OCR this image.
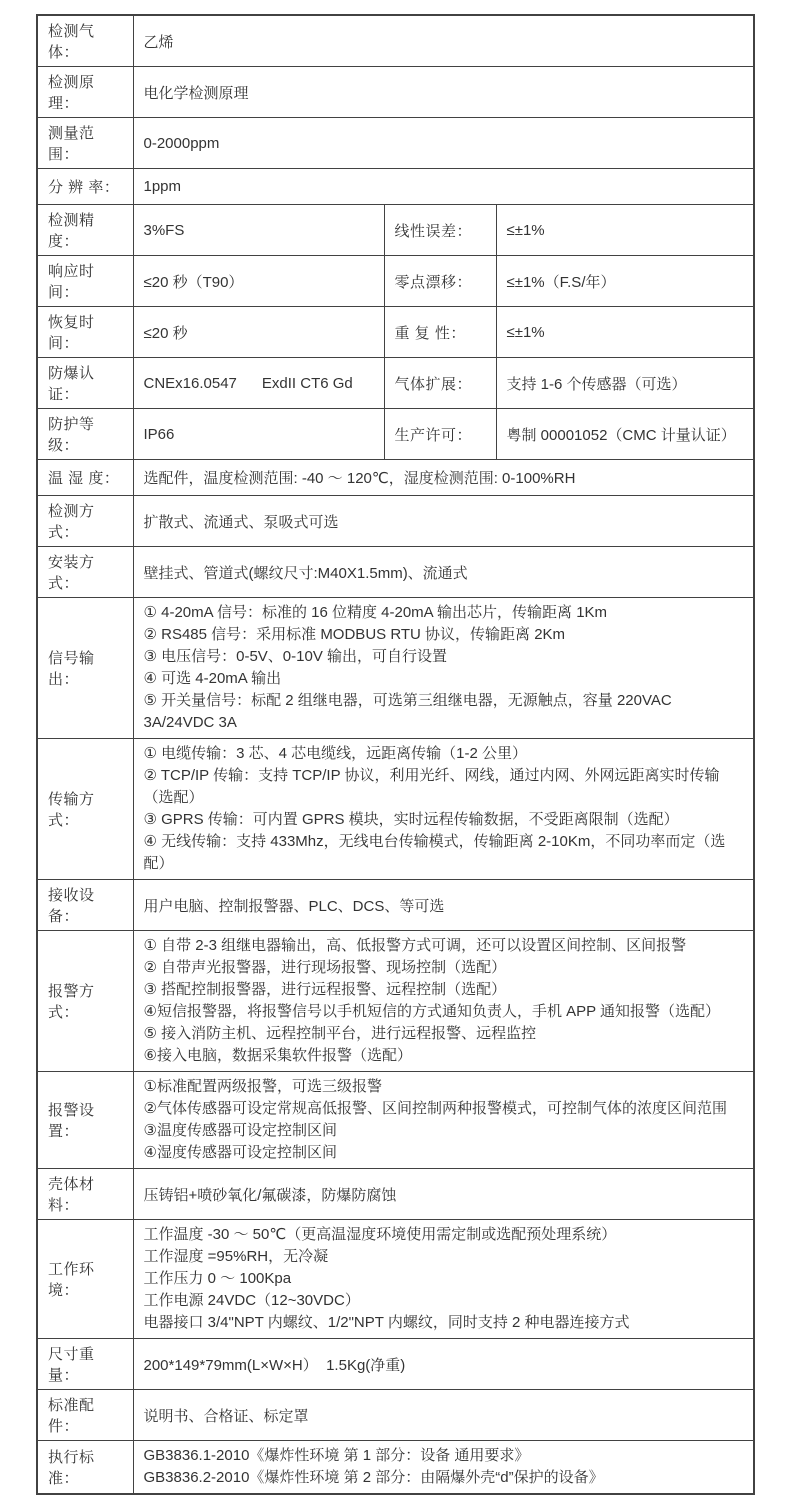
检测气体：	乙烯		
检测原理：	电化学检测原理		
测量范围：	0-2000ppm		
分 辨 率：	1ppm		
检测精度：	3%FS	线性误差：	≤±1%
响应时间：	≤20 秒（T90）	零点漂移：	≤±1%（F.S/年）
恢复时间：	≤20 秒	重 复 性：	≤±1%
防爆认证：	CNEx16.0547      ExdII CT6 Gd	气体扩展：	支持 1-6 个传感器（可选）
防护等级：	IP66	生产许可：	粤制 00001052（CMC 计量认证）
温 湿 度：	选配件，温度检测范围: -40 ～ 120℃，湿度检测范围: 0-100%RH		
检测方式：	扩散式、流通式、泵吸式可选		
安装方式：	壁挂式、管道式(螺纹尺寸:M40X1.5mm)、流通式		
信号输出：	① 4-20mA 信号：标准的 16 位精度 4-20mA 输出芯片，传输距离 1Km
② RS485 信号：采用标准 MODBUS RTU 协议，传输距离 2Km
③ 电压信号：0-5V、0-10V 输出，可自行设置
④ 可选 4-20mA 输出
⑤ 开关量信号：标配 2 组继电器，可选第三组继电器，无源触点，容量 220VAC 3A/24VDC 3A		

传输方式：	① 电缆传输：3 芯、4 芯电缆线，远距离传输（1-2 公里）
② TCP/IP 传输：支持 TCP/IP 协议，利用光纤、网线，通过内网、外网远距离实时传输（选配）
③ GPRS 传输：可内置 GPRS 模块，实时远程传输数据，不受距离限制（选配）
④ 无线传输：支持 433Mhz，无线电台传输模式，传输距离 2-10Km，不同功率而定（选配）		

接收设备：	用户电脑、控制报警器、PLC、DCS、等可选		
报警方式：	
① 自带 2-3 组继电器输出，高、低报警方式可调，还可以设置区间控制、区间报警
② 自带声光报警器，进行现场报警、现场控制（选配）
③ 搭配控制报警器，进行远程报警、远程控制（选配）
④短信报警器，将报警信号以手机短信的方式通知负责人，手机 APP 通知报警（选配）
⑤ 接入消防主机、远程控制平台，进行远程报警、远程监控
⑥接入电脑，数据采集软件报警（选配）

报警设置：	①标准配置两级报警，可选三级报警
②气体传感器可设定常规高低报警、区间控制两种报警模式，可控制气体的浓度区间范围
③温度传感器可设定控制区间
④湿度传感器可设定控制区间		

壳体材料：	压铸铝+喷砂氧化/氟碳漆，防爆防腐蚀		
工作环境：	工作温度 -30 ～ 50℃（更高温湿度环境使用需定制或选配预处理系统）
工作湿度 =95%RH，无冷凝
工作压力 0 ～ 100Kpa
工作电源 24VDC（12~30VDC）
电器接口 3/4"NPT 内螺纹、1/2"NPT 内螺纹，同时支持 2 种电器连接方式		

尺寸重量：	200*149*79mm(L×W×H）  1.5Kg(净重)		
标准配件：	说明书、合格证、标定罩		
执行标准：	GB3836.1-2010《爆炸性环境 第 1 部分：设备 通用要求》
GB3836.2-2010《爆炸性环境 第 2 部分：由隔爆外壳“d”保护的设备》		
